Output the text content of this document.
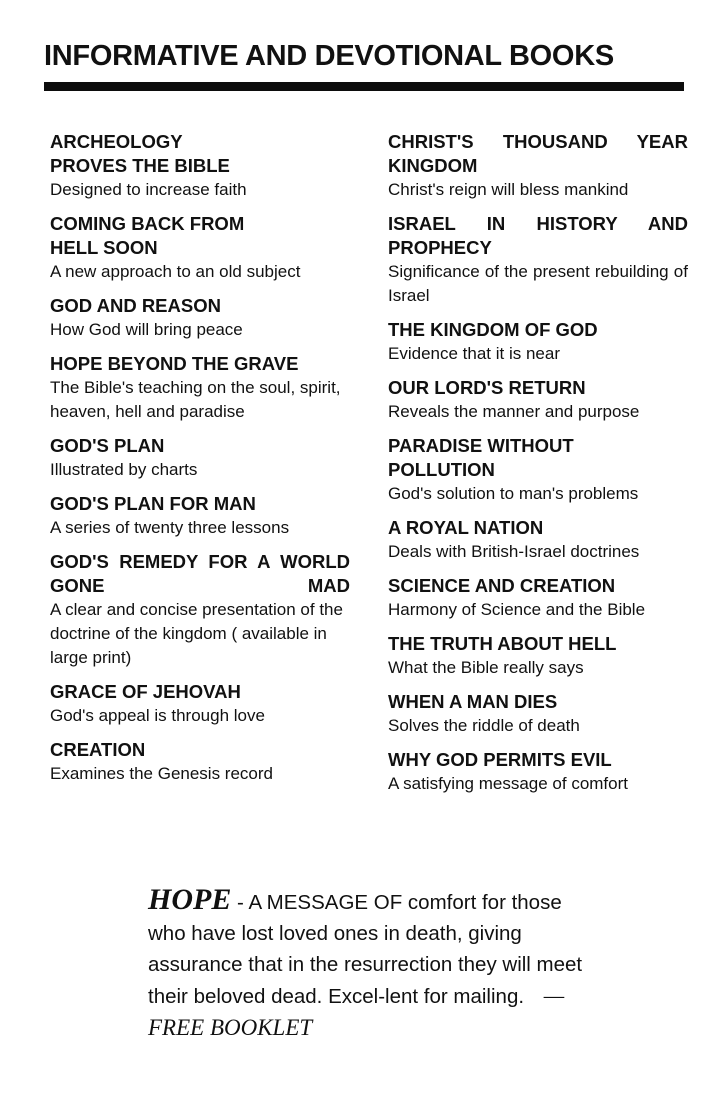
INFORMATIVE AND DEVOTIONAL BOOKS
ARCHEOLOGY PROVES THE BIBLE
Designed to increase faith
COMING BACK FROM HELL SOON
A new approach to an old subject
GOD AND REASON
How God will bring peace
HOPE BEYOND THE GRAVE
The Bible's teaching on the soul, spirit, heaven, hell and paradise
GOD'S PLAN
Illustrated by charts
GOD'S PLAN FOR MAN
A series of twenty three lessons
GOD'S REMEDY FOR A WORLD GONE MAD
A clear and concise presentation of the doctrine of the kingdom ( available in large print)
GRACE OF JEHOVAH
God's appeal is through love
CREATION
Examines the Genesis record
CHRIST'S THOUSAND YEAR KINGDOM
Christ's reign will bless mankind
ISRAEL IN HISTORY AND PROPHECY
Significance of the present rebuilding of Israel
THE KINGDOM OF GOD
Evidence that it is near
OUR LORD'S RETURN
Reveals the manner and purpose
PARADISE WITHOUT POLLUTION
God's solution to man's problems
A ROYAL NATION
Deals with British-Israel doctrines
SCIENCE AND CREATION
Harmony of Science and the Bible
THE TRUTH ABOUT HELL
What the Bible really says
WHEN A MAN DIES
Solves the riddle of death
WHY GOD PERMITS EVIL
A satisfying message of comfort
HOPE - A MESSAGE OF comfort for those who have lost loved ones in death, giving assurance that in the resurrection they will meet their beloved dead. Excel-lent for mailing. —FREE BOOKLET
